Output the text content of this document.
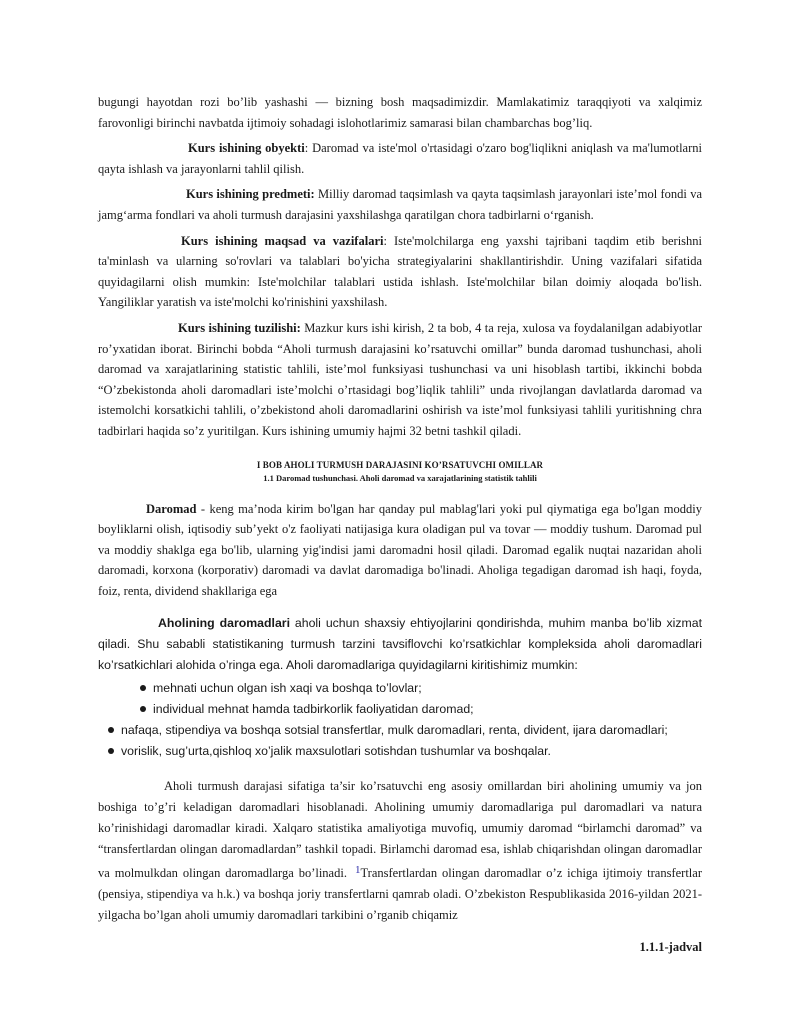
bugungi hayotdan rozi bo’lib yashashi — bizning bosh maqsadimizdir. Mamlakatimiz taraqqiyoti va xalqimiz farovonligi birinchi navbatda ijtimoiy sohadagi islohotlarimiz samarasi bilan chambarchas bog’liq.

Kurs ishining obyekti: Daromad va iste'mol o'rtasidagi o'zaro bog'liqlikni aniqlash va ma'lumotlarni qayta ishlash va jarayonlarni tahlil qilish.

Kurs ishining predmeti: Milliy daromad taqsimlash va qayta taqsimlash jarayonlari iste’mol fondi va jamg‘arma fondlari va aholi turmush darajasini yaxshilashga qaratilgan chora tadbirlarni o‘rganish.

Kurs ishining maqsad va vazifalari: Iste'molchilarga eng yaxshi tajribani taqdim etib berishni ta'minlash va ularning so'rovlari va talablari bo'yicha strategiyalarini shakllantirishdir. Uning vazifalari sifatida quyidagilarni olish mumkin: Iste'molchilar talablari ustida ishlash. Iste'molchilar bilan doimiy aloqada bo'lish. Yangiliklar yaratish va iste'molchi ko'rinishini yaxshilash.

Kurs ishining tuzilishi: Mazkur kurs ishi kirish, 2 ta bob, 4 ta reja, xulosa va foydalanilgan adabiyotlar ro’yxatidan iborat. Birinchi bobda “Aholi turmush darajasini ko’rsatuvchi omillar” bunda daromad tushunchasi, aholi daromad va xarajatlarining statistic tahlili, iste’mol funksiyasi tushunchasi va uni hisoblash tartibi, ikkinchi bobda “O’zbekistonda aholi daromadlari iste’molchi o’rtasidagi bog’liqlik tahlili” unda rivojlangan davlatlarda daromad va istemolchi korsatkichi tahlili, o’zbekistond aholi daromadlarini oshirish va iste’mol funksiyasi tahlili yuritishning chra tadbirlari haqida so’z yuritilgan. Kurs ishining umumiy hajmi 32 betni tashkil qiladi.

I BOB AHOLI TURMUSH DARAJASINI KO’RSATUVCHI OMILLAR
1.1 Daromad tushunchasi. Aholi daromad va xarajatlarining statistik tahlili

Daromad - keng ma’noda kirim bo'lgan har qanday pul mablag'lari yoki pul qiymatiga ega bo'lgan moddiy boyliklarni olish, iqtisodiy sub’yekt o'z faoliyati natijasiga kura oladigan pul va tovar — moddiy tushum. Daromad pul va moddiy shaklga ega bo'lib, ularning yig'indisi jami daromadni hosil qiladi. Daromad egalik nuqtai nazaridan aholi daromadi, korxona (korporativ) daromadi va davlat daromadiga bo'linadi. Aholiga tegadigan daromad ish haqi, foyda, foiz, renta, dividend shakllariga ega

Aholining daromadlari aholi uchun shaxsiy ehtiyojlarini qondirishda, muhim manba bo’lib xizmat qiladi. Shu sababli statistikaning turmush tarzini tavsiflovchi ko’rsatkichlar kompleksida aholi daromadlari ko’rsatkichlari alohida o’ringa ega. Aholi daromadlariga quyidagilarni kiritishimiz mumkin:

mehnati uchun olgan ish xaqi va boshqa to’lovlar;
individual mehnat hamda tadbirkorlik faoliyatidan daromad;
nafaqa, stipendiya va boshqa sotsial transfertlar, mulk daromadlari, renta, divident, ijara daromadlari;
vorislik, sug’urta,qishloq xo’jalik maxsulotlari sotishdan tushumlar va boshqalar.

Aholi turmush darajasi sifatiga ta’sir ko’rsatuvchi eng asosiy omillardan biri aholining umumiy va jon boshiga to’g’ri keladigan daromadlari hisoblanadi. Aholining umumiy daromadlariga pul daromadlari va natura ko’rinishidagi daromadlar kiradi. Xalqaro statistika amaliyotiga muvofiq, umumiy daromad “birlamchi daromad” va “transfertlardan olingan daromadlardan” tashkil topadi. Birlamchi daromad esa, ishlab chiqarishdan olingan daromadlar va molmulkdan olingan daromadlarga bo’linadi. $^1$Transfertlardan olingan daromadlar o’z ichiga ijtimoiy transfertlar (pensiya, stipendiya va h.k.) va boshqa joriy transfertlarni qamrab oladi. O’zbekiston Respublikasida 2016-yildan 2021-yilgacha bo’lgan aholi umumiy daromadlari tarkibini o’rganib chiqamiz

1.1.1-jadval
